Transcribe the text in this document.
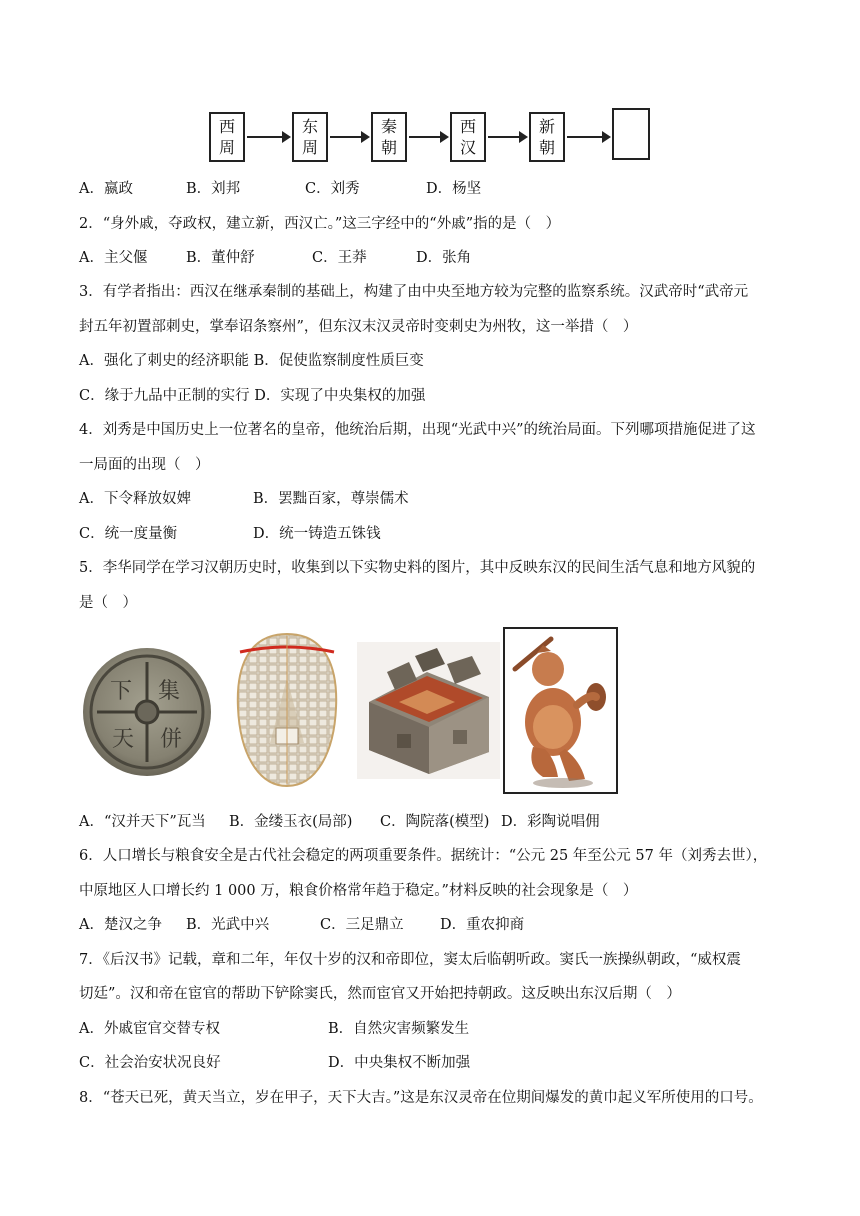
西
周
东
周
秦
朝
西
汉
新
朝
A．嬴政	B．刘邦	C．刘秀	D．杨坚
2．“身外戚，夺政权，建立新，西汉亡。”这三字经中的“外戚”指的是（　）
A．主父偃	B．董仲舒	C．王莽	D．张角
3．有学者指出：西汉在继承秦制的基础上，构建了由中央至地方较为完整的监察系统。汉武帝时“武帝元
封五年初置部刺史，掌奉诏条察州”，但东汉末汉灵帝时变刺史为州牧，这一举措（　）
A．强化了刺史的经济职能 B．促使监察制度性质巨变
C．缘于九品中正制的实行 D．实现了中央集权的加强
4．刘秀是中国历史上一位著名的皇帝，他统治后期，出现“光武中兴”的统治局面。下列哪项措施促进了这
一局面的出现（　）
A．下令释放奴婢	B．罢黜百家，尊崇儒术
C．统一度量衡	D．统一铸造五铢钱
5．李华同学在学习汉朝历史时，收集到以下实物史料的图片，其中反映东汉的民间生活气息和地方风貌的
是（　）
集
併
天
下
A．“汉并天下”瓦当 B．金缕玉衣(局部) C．陶院落(模型) D．彩陶说唱佣
6．人口增长与粮食安全是古代社会稳定的两项重要条件。据统计：“公元 25 年至公元 57 年（刘秀去世），
中原地区人口增长约 1 000 万，粮食价格常年趋于稳定。”材料反映的社会现象是（　）
A．楚汉之争 B．光武中兴	C．三足鼎立	D．重农抑商
7．《后汉书》记载，章和二年，年仅十岁的汉和帝即位，窦太后临朝听政。窦氏一族操纵朝政，“威权震
切廷”。汉和帝在宦官的帮助下铲除窦氏，然而宦官又开始把持朝政。这反映出东汉后期（　）
A．外戚宦官交替专权	B．自然灾害频繁发生
C．社会治安状况良好	D．中央集权不断加强
8．“苍天已死，黄天当立，岁在甲子，天下大吉。”这是东汉灵帝在位期间爆发的黄巾起义军所使用的口号。
